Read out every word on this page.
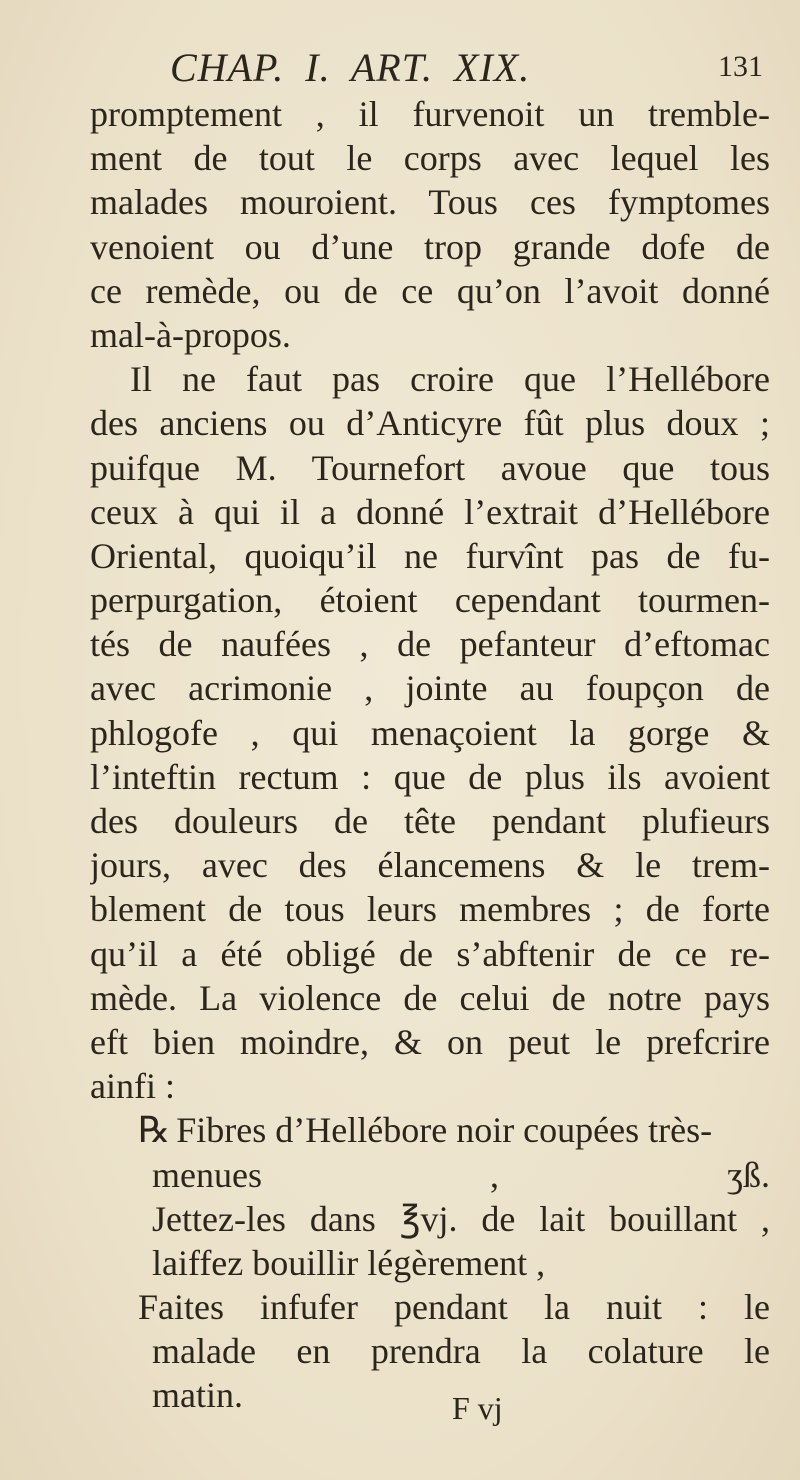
CHAP. I. ART. XIX.	131
promptement , il furvenoit un tremble-
ment de tout le corps avec lequel les
malades mouroient. Tous ces fymptomes
venoient ou d’une trop grande dofe de
ce remède, ou de ce qu’on l’avoit donné
mal-à-propos.
Il ne faut pas croire que l’Hellébore
des anciens ou d’Anticyre fût plus doux ;
puifque M. Tournefort avoue que tous
ceux à qui il a donné l’extrait d’Hellébore
Oriental, quoiqu’il ne furvînt pas de fu-
perpurgation, étoient cependant tourmen-
tés de naufées , de pefanteur d’eftomac
avec acrimonie , jointe au foupçon de
phlogofe , qui menaçoient la gorge &
l’inteftin rectum : que de plus ils avoient
des douleurs de tête pendant plufieurs
jours, avec des élancemens & le trem-
blement de tous leurs membres ; de forte
qu’il a été obligé de s’abftenir de ce re-
mède. La violence de celui de notre pays
eft bien moindre, & on peut le prefcrire
ainfi :
℞ Fibres d’Hellébore noir coupées très-
menues ,	ʒß.
Jettez-les dans ℥vj. de lait bouillant ,
laiffez bouillir légèrement ,
Faites infufer pendant la nuit : le
malade en prendra la colature le
matin.	F vj
